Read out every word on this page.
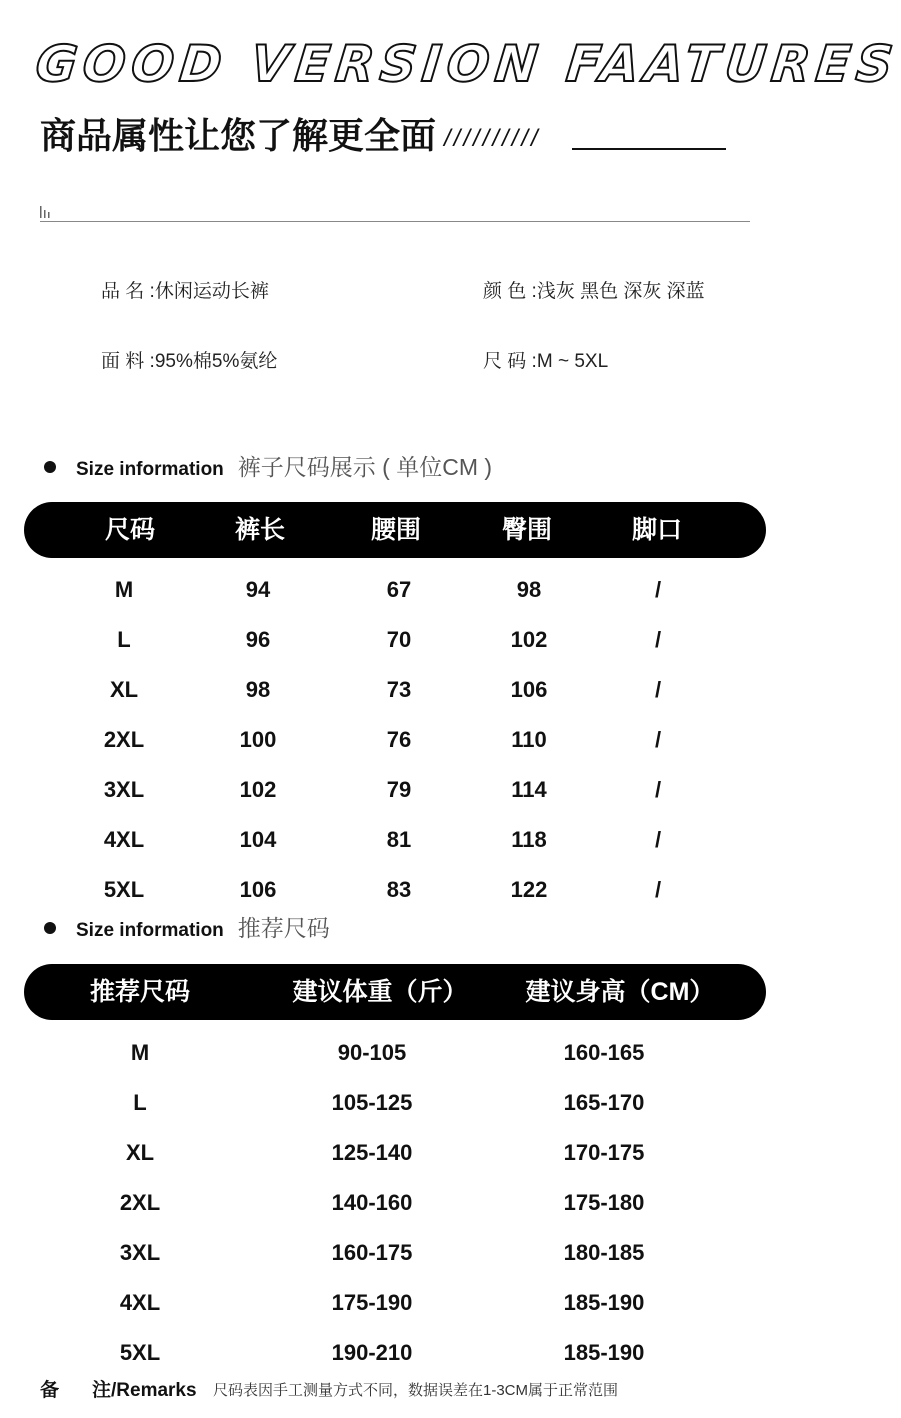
GOOD VERSION FAATURES
商品属性让您了解更全面 //////////
品 名 :休闲运动长裤	颜 色 :浅灰 黑色 深灰 深蓝
面 料 :95%棉5%氨纶	尺 码 :M ~ 5XL
Size information 裤子尺码展示 ( 单位CM )
尺码	裤长	腰围	臀围	脚口
M	94	67	98	/
L	96	70	102	/
XL	98	73	106	/
2XL	100	76	110	/
3XL	102	79	114	/
4XL	104	81	118	/
5XL	106	83	122	/
Size information 推荐尺码
推荐尺码	建议体重（斤） 建议身高（CM）
M	90-105	160-165
L	105-125	165-170
XL	125-140	170-175
2XL	140-160	175-180
3XL	160-175	180-185
4XL	175-190	185-190
5XL	190-210	185-190
备 注/Remarks 尺码表因手工测量方式不同，数据误差在1-3CM属于正常范围
